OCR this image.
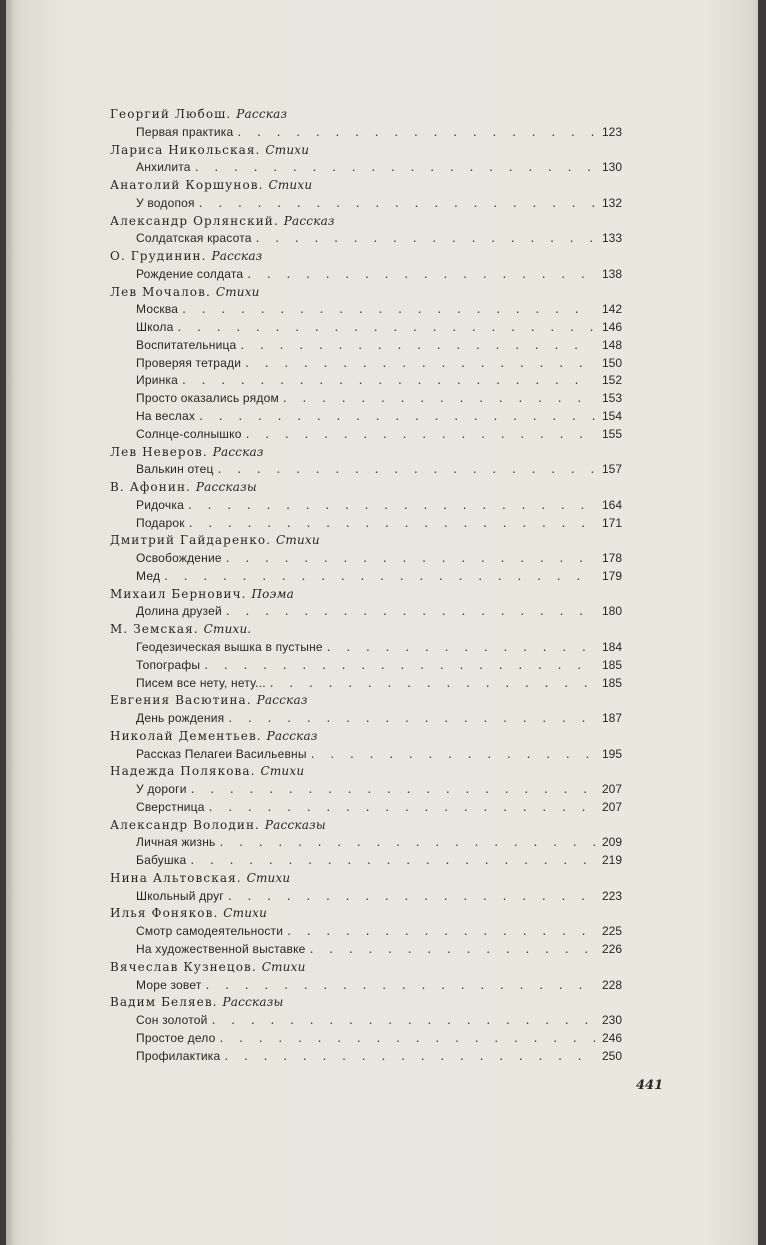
Георгий Любош. Рассказ
Первая практика . . .	123
Лариса Никольская. Стихи
Анхилита . . .	130
Анатолий Коршунов. Стихи
У водопоя . . .	132
Александр Орлянский. Рассказ
Солдатская красота . . .	133
О. Грудинин. Рассказ
Рождение солдата . . .	138
Лев Мочалов. Стихи
Москва . . .	142
Школа . . .	146
Воспитательница . . .	148
Проверяя тетради . . .	150
Иринка . . .	152
Просто оказались рядом . . .	153
На веслах . . .	154
Солнце-солнышко . . .	155
Лев Неверов. Рассказ
Валькин отец . . .	157
В. Афонин. Рассказы
Ридочка . . .	164
Подарок . . .	171
Дмитрий Гайдаренко. Стихи
Освобождение . . .	178
Мед . . .	179
Михаил Бернович. Поэма
Долина друзей . . .	180
М. Земская. Стихи.
Геодезическая вышка в пустыне . . .	184
Топографы . . .	185
Писем все нету, нету... . . .	185
Евгения Васютина. Рассказ
День рождения . . .	187
Николай Дементьев. Рассказ
Рассказ Пелагеи Васильевны . . .	195
Надежда Полякова. Стихи
У дороги . . .	207
Сверстница . . .	207
Александр Володин. Рассказы
Личная жизнь . . .	209
Бабушка . . .	219
Нина Альтовская. Стихи
Школьный друг . . .	223
Илья Фоняков. Стихи
Смотр самодеятельности . . .	225
На художественной выставке . . .	226
Вячеслав Кузнецов. Стихи
Море зовет . . .	228
Вадим Беляев. Рассказы
Сон золотой . . .	230
Простое дело . . .	246
Профилактика . . .	250
441
